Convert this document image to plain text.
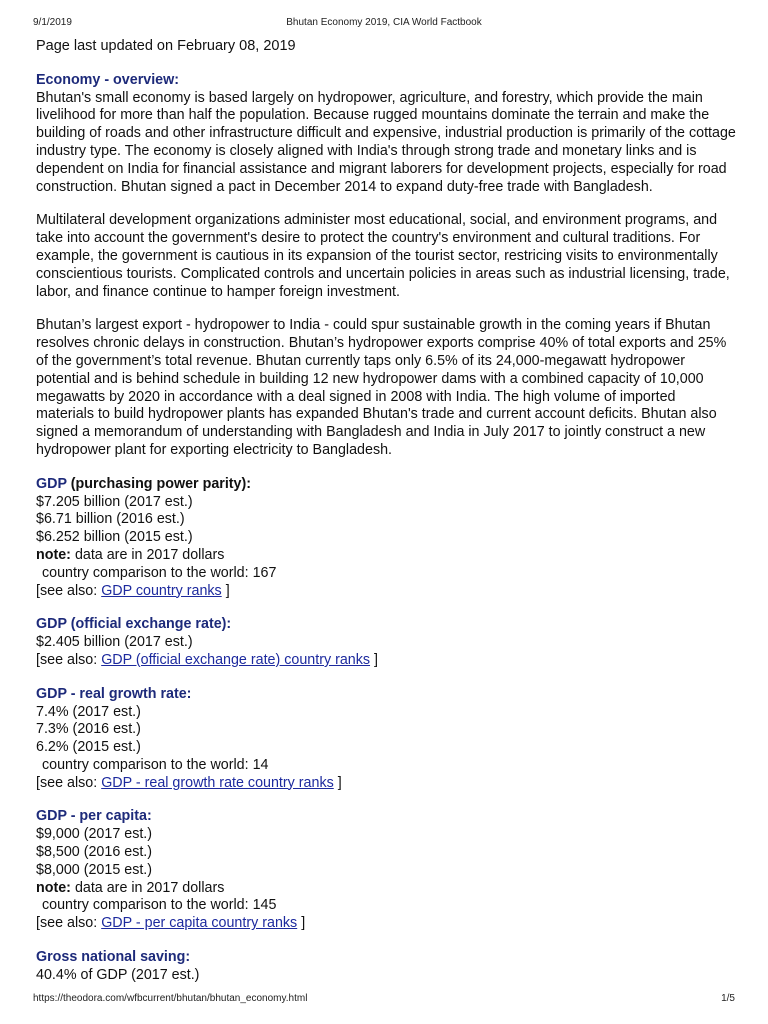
9/1/2019	Bhutan Economy 2019, CIA World Factbook

Page last updated on February 08, 2019

Economy - overview:

Bhutan's small economy is based largely on hydropower, agriculture, and forestry, which provide the main livelihood for more than half the population. Because rugged mountains dominate the terrain and make the building of roads and other infrastructure difficult and expensive, industrial production is primarily of the cottage industry type. The economy is closely aligned with India's through strong trade and monetary links and is dependent on India for financial assistance and migrant laborers for development projects, especially for road construction. Bhutan signed a pact in December 2014 to expand duty-free trade with Bangladesh.

Multilateral development organizations administer most educational, social, and environment programs, and take into account the government's desire to protect the country's environment and cultural traditions. For example, the government is cautious in its expansion of the tourist sector, restricing visits to environmentally conscientious tourists. Complicated controls and uncertain policies in areas such as industrial licensing, trade, labor, and finance continue to hamper foreign investment.

Bhutan’s largest export - hydropower to India - could spur sustainable growth in the coming years if Bhutan resolves chronic delays in construction. Bhutan’s hydropower exports comprise 40% of total exports and 25% of the government’s total revenue. Bhutan currently taps only 6.5% of its 24,000-megawatt hydropower potential and is behind schedule in building 12 new hydropower dams with a combined capacity of 10,000 megawatts by 2020 in accordance with a deal signed in 2008 with India. The high volume of imported materials to build hydropower plants has expanded Bhutan's trade and current account deficits. Bhutan also signed a memorandum of understanding with Bangladesh and India in July 2017 to jointly construct a new hydropower plant for exporting electricity to Bangladesh.

GDP (purchasing power parity):

$7.205 billion (2017 est.)

$6.71 billion (2016 est.)

$6.252 billion (2015 est.)

note: data are in 2017 dollars

country comparison to the world: 167

[see also: GDP country ranks ]

GDP (official exchange rate):

$2.405 billion (2017 est.)

[see also: GDP (official exchange rate) country ranks ]

GDP - real growth rate:

7.4% (2017 est.)

7.3% (2016 est.)

6.2% (2015 est.)

country comparison to the world: 14

[see also: GDP - real growth rate country ranks ]

GDP - per capita:

$9,000 (2017 est.)

$8,500 (2016 est.)

$8,000 (2015 est.)

note: data are in 2017 dollars

country comparison to the world: 145

[see also: GDP - per capita country ranks ]

Gross national saving:

40.4% of GDP (2017 est.)

https://theodora.com/wfbcurrent/bhutan/bhutan_economy.html	1/5
